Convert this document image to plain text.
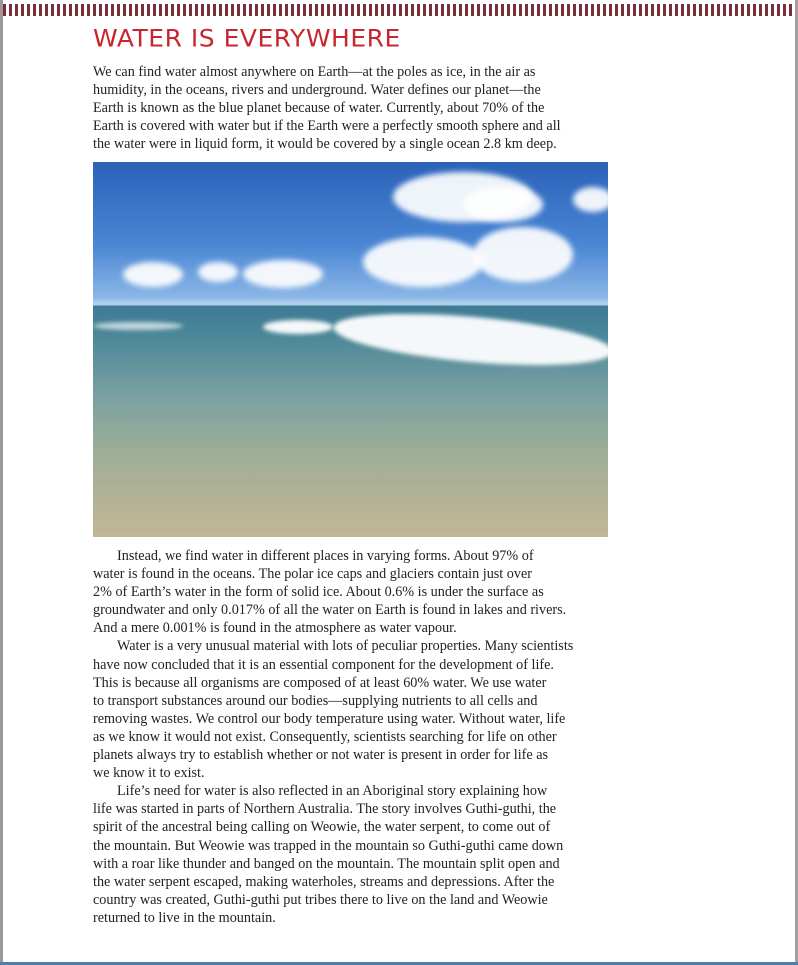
WATER IS EVERYWHERE
We can find water almost anywhere on Earth—at the poles as ice, in the air as
humidity, in the oceans, rivers and underground. Water defines our planet—the
Earth is known as the blue planet because of water. Currently, about 70% of the
Earth is covered with water but if the Earth were a perfectly smooth sphere and all
the water were in liquid form, it would be covered by a single ocean 2.8 km deep.
Instead, we find water in different places in varying forms. About 97% of
water is found in the oceans. The polar ice caps and glaciers contain just over
2% of Earth’s water in the form of solid ice. About 0.6% is under the surface as
groundwater and only 0.017% of all the water on Earth is found in lakes and rivers.
And a mere 0.001% is found in the atmosphere as water vapour.
Water is a very unusual material with lots of peculiar properties. Many scientists
have now concluded that it is an essential component for the development of life.
This is because all organisms are composed of at least 60% water. We use water
to transport substances around our bodies—supplying nutrients to all cells and
removing wastes. We control our body temperature using water. Without water, life
as we know it would not exist. Consequently, scientists searching for life on other
planets always try to establish whether or not water is present in order for life as
we know it to exist.
Life’s need for water is also reflected in an Aboriginal story explaining how
life was started in parts of Northern Australia. The story involves Guthi-guthi, the
spirit of the ancestral being calling on Weowie, the water serpent, to come out of
the mountain. But Weowie was trapped in the mountain so Guthi-guthi came down
with a roar like thunder and banged on the mountain. The mountain split open and
the water serpent escaped, making waterholes, streams and depressions. After the
country was created, Guthi-guthi put tribes there to live on the land and Weowie
returned to live in the mountain.
